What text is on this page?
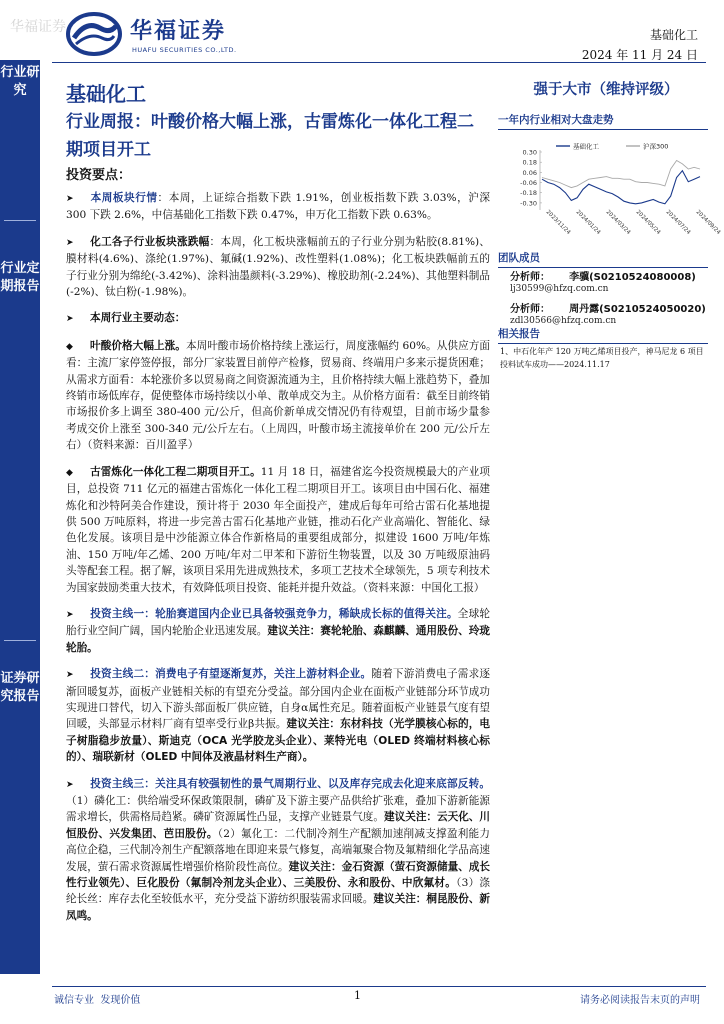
华福证券	华福证券
HUAFU SECURITIES CO.,LTD.
基础化工
2024 年 11 月 24 日
行业研究
行业定期报告
证券研究报告
基础化工
行业周报：叶酸价格大幅上涨，古雷炼化一体化工程二期项目开工
投资要点：
➤ 本周板块行情：本周，上证综合指数下跌 1.91%，创业板指数下跌 3.03%，沪深 300 下跌 2.6%，中信基础化工指数下跌 0.47%，申万化工指数下跌 0.63%。
➤ 化工各子行业板块涨跌幅：本周，化工板块涨幅前五的子行业分别为粘胶(8.81%)、膜材料(4.6%)、涤纶(1.97%)、氟碱(1.92%)、改性塑料(1.08%)；化工板块跌幅前五的子行业分别为绵纶(-3.42%)、涂料油墨颜料(-3.29%)、橡胶助剂(-2.24%)、其他塑料制品(-2%)、钛白粉(-1.98%)。
➤ 本周行业主要动态：
◆ 叶酸价格大幅上涨。本周叶酸市场价格持续上涨运行，周度涨幅约 60%。从供应方面看：主流厂家停签停报，部分厂家装置目前停产检修，贸易商、终端用户多来示提货困难；从需求方面看：本轮涨价多以贸易商之间资源流通为主，且价格持续大幅上涨趋势下，叠加终销市场低库存，促使整体市场持续以小单、散单成交为主。从价格方面看：截至目前终销市场报价多上调至 380-400 元/公斤，但高价新单成交情况仍有待观望，目前市场少量参考成交价上涨至 300-340 元/公斤左右。（上周四，叶酸市场主流接单价在 200 元/公斤左右）（资料来源：百川盈孚）
◆ 古雷炼化一体化工程二期项目开工。11 月 18 日，福建省迄今投资规模最大的产业项目，总投资 711 亿元的福建古雷炼化一体化工程二期项目开工。该项目由中国石化、福建炼化和沙特阿美合作建设，预计将于 2030 年全面投产，建成后每年可给古雷石化基地提供 500 万吨原料，将进一步完善古雷石化基地产业链，推动石化产业高端化、智能化、绿色化发展。该项目是中沙能源立体合作新格局的重要组成部分，拟建设 1600 万吨/年炼油、150 万吨/年乙烯、200 万吨/年对二甲苯和下游衍生物装置，以及 30 万吨级原油码头等配套工程。据了解，该项目采用先进成熟技术，多项工艺技术全球领先，5 项专利技术为国家鼓励类重大技术，有效降低项目投资、能耗并提升效益。（资料来源：中国化工报）
➤ 投资主线一：轮胎赛道国内企业已具备较强竞争力，稀缺成长标的值得关注。全球轮胎行业空间广阔，国内轮胎企业迅速发展。建议关注：赛轮轮胎、森麒麟、通用股份、玲珑轮胎。
➤ 投资主线二：消费电子有望逐渐复苏，关注上游材料企业。随着下游消费电子需求逐渐回暖复苏，面板产业链相关标的有望充分受益。部分国内企业在面板产业链部分环节成功实现进口替代，切入下游头部面板厂供应链，自身α属性充足。随着面板产业链景气度有望回暖，头部显示材料厂商有望率受行业β共振。建议关注：东材科技（光学膜核心标的，电子树脂稳步放量）、斯迪克（OCA 光学胶龙头企业）、莱特光电（OLED 终端材料核心标的）、瑞联新材（OLED 中间体及液晶材料生产商）。
➤ 投资主线三：关注具有较强韧性的景气周期行业、以及库存完成去化迎来底部反转。（1）磷化工：供给端受环保政策限制，磷矿及下游主要产品供给扩张难，叠加下游新能源需求增长，供需格局趋紧。磷矿资源属性凸显，支撑产业链景气度。建议关注：云天化、川恒股份、兴发集团、芭田股份。（2）氟化工：二代制冷剂生产配额加速削减支撑盈利能力高位企稳，三代制冷剂生产配额落地在即迎来景气修复，高端氟聚合物及氟精细化学品高速发展，萤石需求资源属性增强价格阶段性高位。建议关注：金石资源（萤石资源储量、成长性行业领先）、巨化股份（氟制冷剂龙头企业）、三美股份、永和股份、中欣氟材。（3）涤纶长丝：库存去化至较低水平，充分受益下游纺织服装需求回暖。建议关注：桐昆股份、新凤鸣。
强于大市（维持评级）
一年内行业相对大盘走势
0.30
0.18
0.06
-0.06
-0.18
-0.30
2023/11/24 2024/01/24 2024/03/24 2024/05/24 2024/07/24 2024/09/24
基础化工	沪深300
团队成员
分析师： 李骥(S0210524080008)
lj30599@hfzq.com.cn
分析师： 周丹露(S0210524050020)
zdl30566@hfzq.com.cn
相关报告
1、中石化年产 120 万吨乙烯项目投产，神马尼龙 6 项目投料试车成功——2024.11.17
诚信专业  发现价值	1	请务必阅读报告末页的声明
